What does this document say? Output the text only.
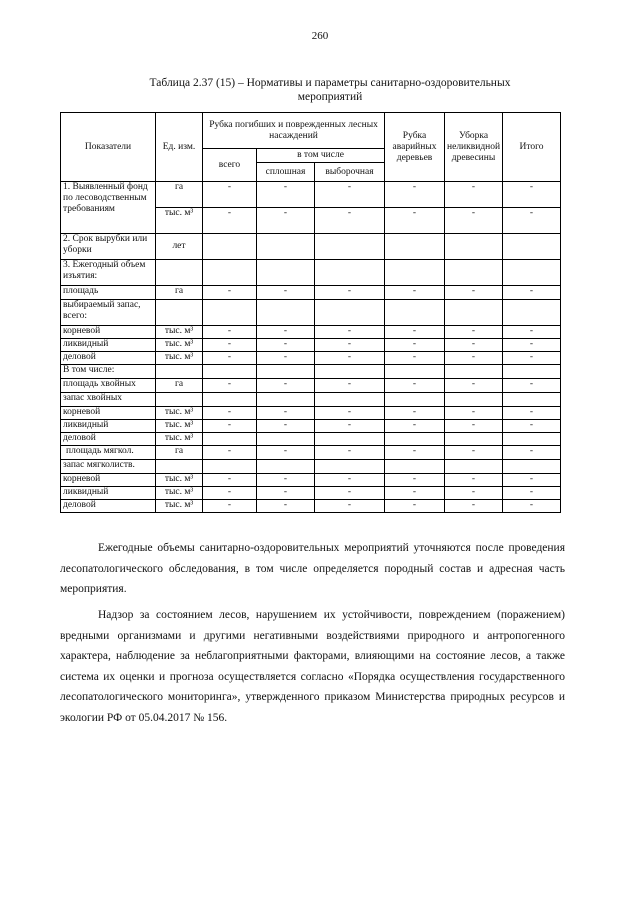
260
Таблица 2.37 (15) – Нормативы и параметры санитарно-оздоровительных
мероприятий
Показатели	Ед. изм.	Рубка погибших и поврежденных лесных насаждений			Рубка аварийных деревьев	Уборка неликвидной древесины	Итого
		всего	в том числе				
			сплошная	выборочная			
1. Выявленный фонд по лесоводственным требованиям	га	-	-	-	-	-	-
	тыс. м³	-	-	-	-	-	-
2. Срок вырубки или уборки	лет						
3. Ежегодный объем изъятия:							
площадь	га	-	-	-	-	-	-
выбираемый запас, всего:							
корневой	тыс. м³	-	-	-	-	-	-
ликвидный	тыс. м³	-	-	-	-	-	-
деловой	тыс. м³	-	-	-	-	-	-
В том числе:							
площадь хвойных	га	-	-	-	-	-	-
запас хвойных							
корневой	тыс. м³	-	-	-	-	-	-
ликвидный	тыс. м³	-	-	-	-	-	-
деловой	тыс. м³						
площадь мягкол.	га	-	-	-	-	-	-
запас мягколиств.							
корневой	тыс. м³	-	-	-	-	-	-
ликвидный	тыс. м³	-	-	-	-	-	-
деловой	тыс. м³	-	-	-	-	-	-

Ежегодные объемы санитарно-оздоровительных мероприятий уточняются после проведения лесопатологического обследования, в том числе определяется породный состав и адресная часть мероприятия.

Надзор за состоянием лесов, нарушением их устойчивости, повреждением (поражением) вредными организмами и другими негативными воздействиями природного и антропогенного характера, наблюдение за неблагоприятными факторами, влияющими на состояние лесов, а также система их оценки и прогноза осуществляется согласно «Порядка осуществления государственного лесопатологического мониторинга», утвержденного приказом Министерства природных ресурсов и экологии РФ от 05.04.2017 № 156.
